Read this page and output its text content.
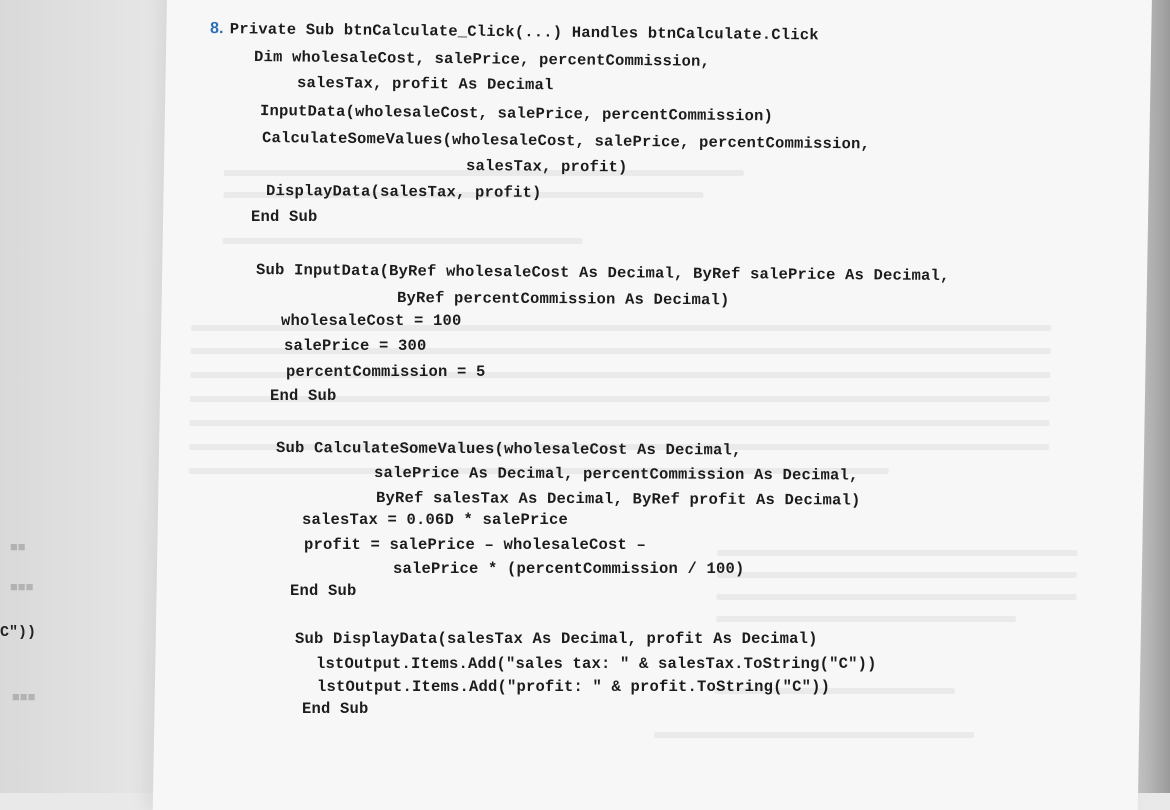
C"))
■■
■■■
■■■
8. Private Sub btnCalculate_Click(...) Handles btnCalculate.Click
Dim wholesaleCost, salePrice, percentCommission,
salesTax, profit As Decimal
InputData(wholesaleCost, salePrice, percentCommission)
CalculateSomeValues(wholesaleCost, salePrice, percentCommission,
salesTax, profit)
DisplayData(salesTax, profit)
End Sub
Sub InputData(ByRef wholesaleCost As Decimal, ByRef salePrice As Decimal,
ByRef percentCommission As Decimal)
wholesaleCost = 100
salePrice = 300
percentCommission = 5
End Sub
Sub CalculateSomeValues(wholesaleCost As Decimal,
salePrice As Decimal, percentCommission As Decimal,
ByRef salesTax As Decimal, ByRef profit As Decimal)
salesTax = 0.06D * salePrice
profit = salePrice – wholesaleCost –
salePrice * (percentCommission / 100)
End Sub
Sub DisplayData(salesTax As Decimal, profit As Decimal)
lstOutput.Items.Add("sales tax: " & salesTax.ToString("C"))
lstOutput.Items.Add("profit: " & profit.ToString("C"))
End Sub
